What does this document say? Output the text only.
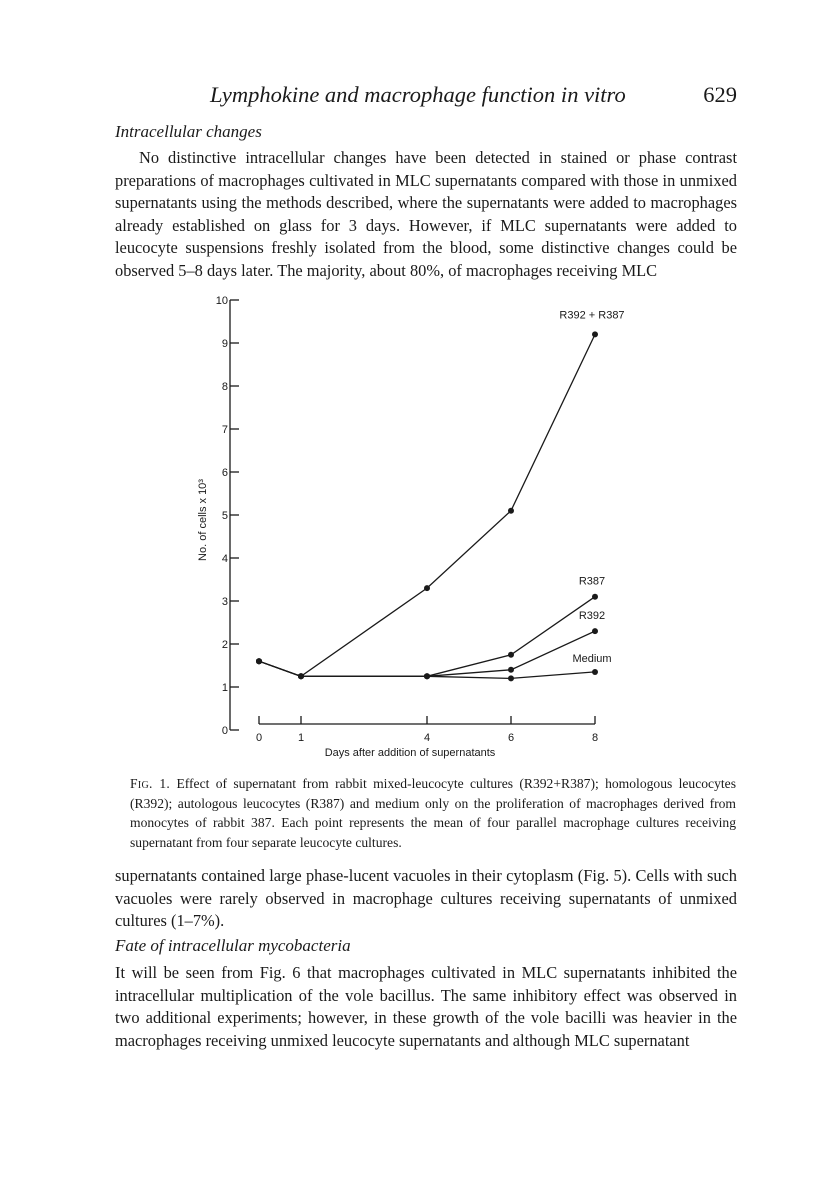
Lymphokine and macrophage function in vitro	629
Intracellular changes

No distinctive intracellular changes have been detected in stained or phase contrast preparations of macrophages cultivated in MLC supernatants compared with those in unmixed supernatants using the methods described, where the supernatants were added to macrophages already established on glass for 3 days. However, if MLC supernatants were added to leucocyte suspensions freshly isolated from the blood, some distinctive changes could be observed 5–8 days later. The majority, about 80%, of macrophages receiving MLC

0
1
2
3
4
5
6
7
8
9
10
0	1	4	6	8
R392 + R387
R387
R392
Medium
Days after addition of supernatants
No. of cells x 10³

Fig. 1. Effect of supernatant from rabbit mixed-leucocyte cultures (R392+R387); homologous leucocytes (R392); autologous leucocytes (R387) and medium only on the proliferation of macrophages derived from monocytes of rabbit 387. Each point represents the mean of four parallel macrophage cultures receiving supernatant from four separate leucocyte cultures.

supernatants contained large phase-lucent vacuoles in their cytoplasm (Fig. 5). Cells with such vacuoles were rarely observed in macrophage cultures receiving supernatants of unmixed cultures (1–7%).

Fate of intracellular mycobacteria

It will be seen from Fig. 6 that macrophages cultivated in MLC supernatants inhibited the intracellular multiplication of the vole bacillus. The same inhibitory effect was observed in two additional experiments; however, in these growth of the vole bacilli was heavier in the macrophages receiving unmixed leucocyte supernatants and although MLC supernatant
